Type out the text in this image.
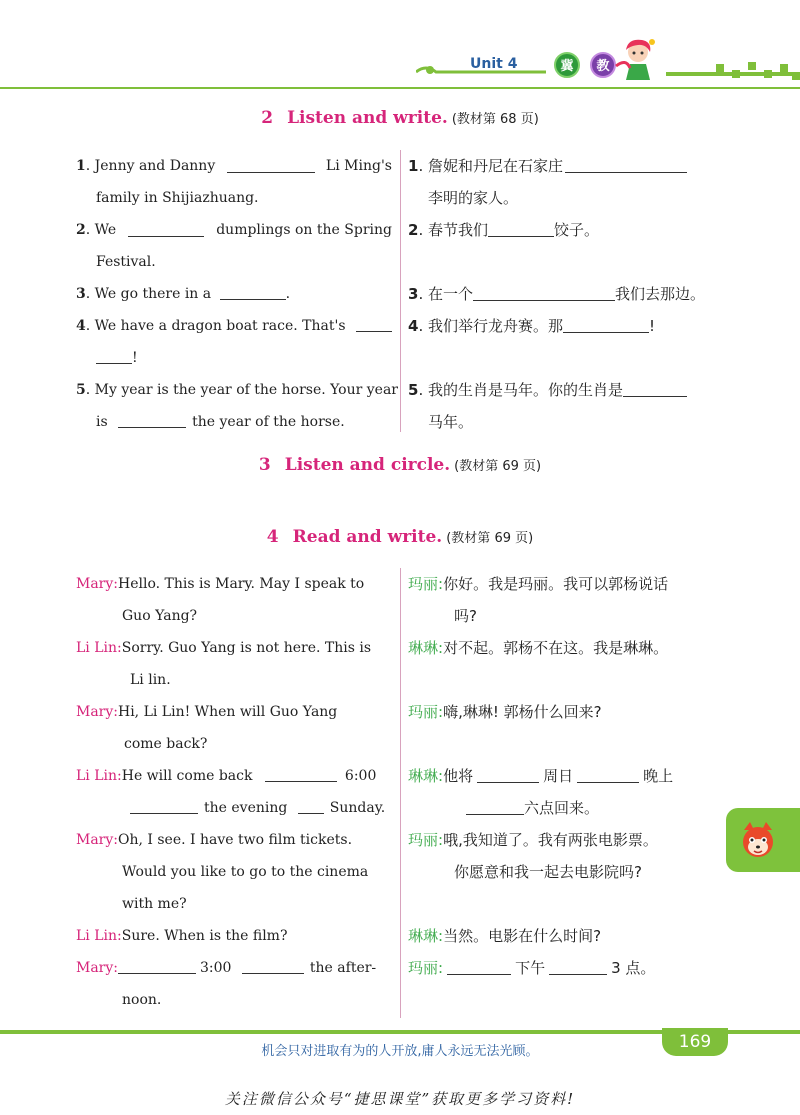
Unit 4	冀	教
2 Listen and write. (教材第 68 页)
1. Jenny and Danny	Li Ming's
family in Shijiazhuang.
2. We	dumplings on the Spring
Festival.
3. We go there in a	.
4. We have a dragon boat race. That's
!
5. My year is the year of the horse. Your year
is	the year of the horse.
1. 詹妮和丹尼在石家庄
李明的家人。
2. 春节我们	饺子。
3. 在一个	我们去那边。
4. 我们举行龙舟赛。那	!
5. 我的生肖是马年。你的生肖是
马年。
3 Listen and circle. (教材第 69 页)
4 Read and write. (教材第 69 页)
Mary:Hello. This is Mary. May I speak to
Guo Yang?
Li Lin:Sorry. Guo Yang is not here. This is
Li lin.
Mary:Hi, Li Lin! When will Guo Yang
come back?
Li Lin:He will come back	6:00
the evening	Sunday.
Mary:Oh, I see. I have two film tickets.
Would you like to go to the cinema
with me?
Li Lin:Sure. When is the film?
Mary:	3:00	the after-
noon.
玛丽:你好。我是玛丽。我可以郭杨说话
吗?
琳琳:对不起。郭杨不在这。我是琳琳。
玛丽:嗨,琳琳! 郭杨什么回来?
琳琳:他将	周日	晚上
六点回来。
玛丽:哦,我知道了。我有两张电影票。
你愿意和我一起去电影院吗?
琳琳:当然。电影在什么时间?
玛丽:	下午	3 点。
169
机会只对进取有为的人开放,庸人永远无法光顾。
关注微信公众号“捷思课堂”获取更多学习资料!
